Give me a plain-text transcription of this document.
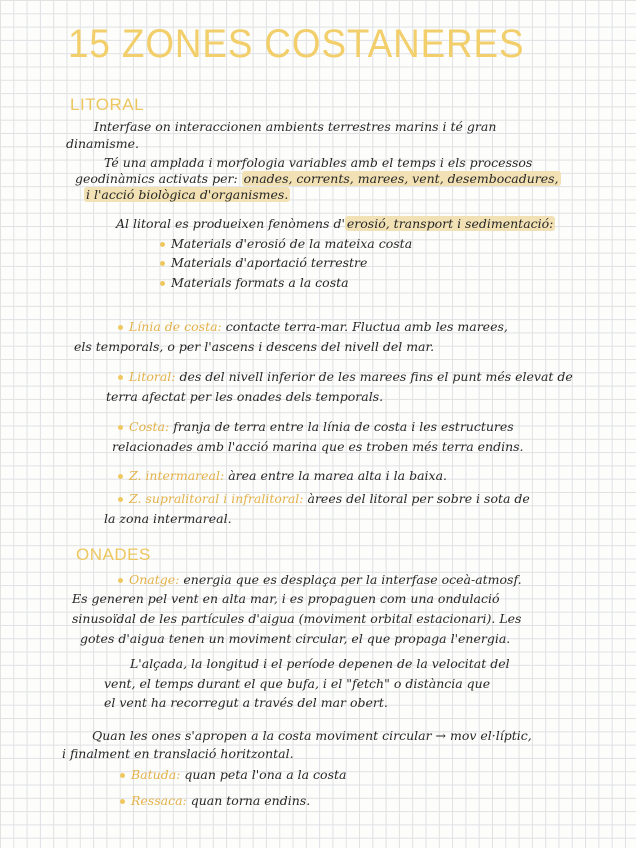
15 ZONES COSTANERES
LITORAL
Interfase on interaccionen ambients terrestres marins i té gran
dinamisme.
Té una amplada i morfologia variables amb el temps i els processos
geodinàmics activats per: onades, corrents, marees, vent, desembocadures,
i l'acció biològica d'organismes.
Al litoral es produeixen fenòmens d' erosió, transport i sedimentació:
Materials d'erosió de la mateixa costa
Materials d'aportació terrestre
Materials formats a la costa
Línia de costa: contacte terra-mar. Fluctua amb les marees,
els temporals, o per l'ascens i descens del nivell del mar.
Litoral: des del nivell inferior de les marees fins el punt més elevat de
terra afectat per les onades dels temporals.
Costa: franja de terra entre la línia de costa i les estructures
relacionades amb l'acció marina que es troben més terra endins.
Z. intermareal: àrea entre la marea alta i la baixa.
Z. supralitoral i infralitoral: àrees del litoral per sobre i sota de
la zona intermareal.
ONADES
Onatge: energia que es desplaça per la interfase oceà-atmosf.
Es generen pel vent en alta mar, i es propaguen com una ondulació
sinusoïdal de les partícules d'aigua (moviment orbital estacionari). Les
gotes d'aigua tenen un moviment circular, el que propaga l'energia.
L'alçada, la longitud i el període depenen de la velocitat del
vent, el temps durant el que bufa, i el "fetch" o distància que
el vent ha recorregut a través del mar obert.
Quan les ones s'apropen a la costa moviment circular → mov el·líptic,
i finalment en translació horitzontal.
Batuda: quan peta l'ona a la costa
Ressaca: quan torna endins.
